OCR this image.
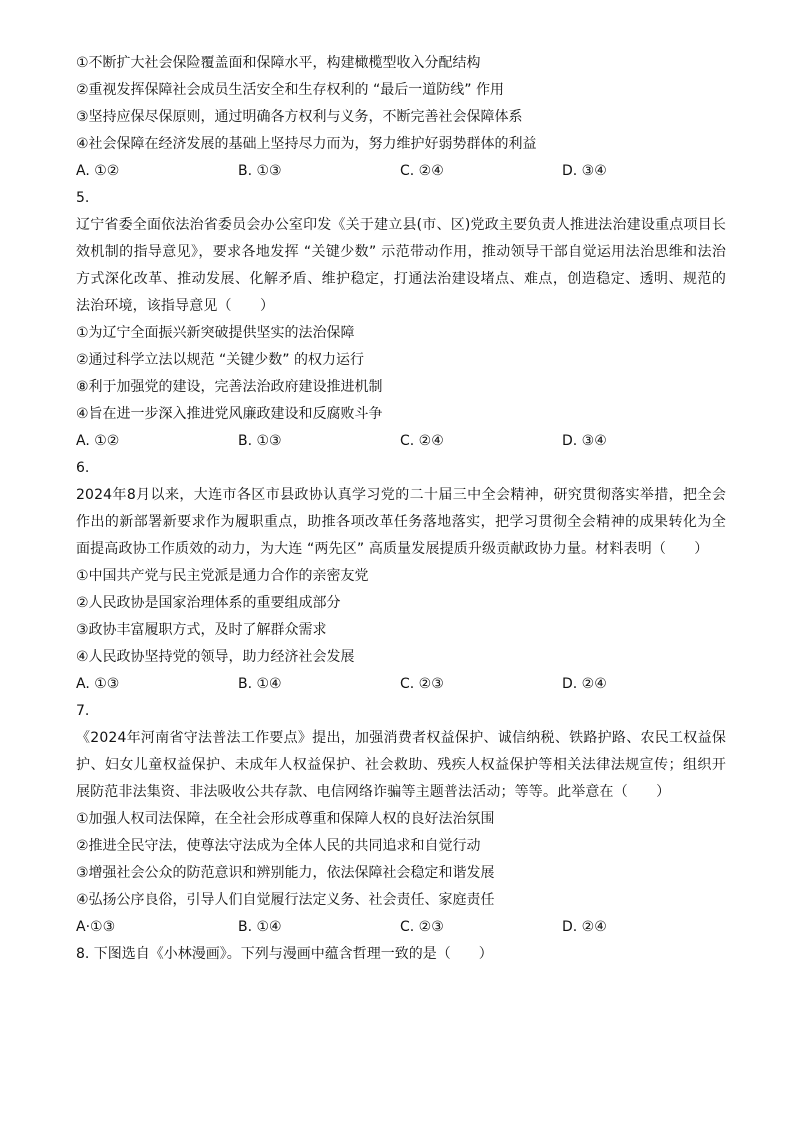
①不断扩大社会保险覆盖面和保障水平，构建橄榄型收入分配结构
②重视发挥保障社会成员生活安全和生存权利的 “最后一道防线” 作用
③坚持应保尽保原则，通过明确各方权利与义务，不断完善社会保障体系
④社会保障在经济发展的基础上坚持尽力而为，努力维护好弱势群体的利益
A. ①②	B. ①③	C. ②④	D. ③④
5.

辽宁省委全面依法治省委员会办公室印发《关于建立县(市、区)党政主要负责人推进法治建设重点项目长效机制的指导意见》，要求各地发挥 “关键少数” 示范带动作用，推动领导干部自觉运用法治思维和法治方式深化改革、推动发展、化解矛盾、维护稳定，打通法治建设堵点、难点，创造稳定、透明、规范的法治环境，该指导意见（　　）

①为辽宁全面振兴新突破提供坚实的法治保障
②通过科学立法以规范 “关键少数” 的权力运行
⑧利于加强党的建设，完善法治政府建设推进机制
④旨在进一步深入推进党风廉政建设和反腐败斗争
A. ①②	B. ①③	C. ②④	D. ③④
6.

2024年8月以来，大连市各区市县政协认真学习党的二十届三中全会精神，研究贯彻落实举措，把全会作出的新部署新要求作为履职重点，助推各项改革任务落地落实，把学习贯彻全会精神的成果转化为全面提高政协工作质效的动力，为大连 “两先区” 高质量发展提质升级贡献政协力量。材料表明（　　）

①中国共产党与民主党派是通力合作的亲密友党
②人民政协是国家治理体系的重要组成部分
③政协丰富履职方式，及时了解群众需求
④人民政协坚持党的领导，助力经济社会发展
A. ①③	B. ①④	C. ②③	D. ②④
7.

《2024年河南省守法普法工作要点》提出，加强消费者权益保护、诚信纳税、铁路护路、农民工权益保护、妇女儿童权益保护、未成年人权益保护、社会救助、残疾人权益保护等相关法律法规宣传；组织开展防范非法集资、非法吸收公共存款、电信网络诈骗等主题普法活动；等等。此举意在（　　）

①加强人权司法保障，在全社会形成尊重和保障人权的良好法治氛围
②推进全民守法，使尊法守法成为全体人民的共同追求和自觉行动
③增强社会公众的防范意识和辨别能力，依法保障社会稳定和谐发展
④弘扬公序良俗，引导人们自觉履行法定义务、社会责任、家庭责任
A·①③	B. ①④	C. ②③	D. ②④
8. 下图选自《小林漫画》。下列与漫画中蕴含哲理一致的是（　　）
